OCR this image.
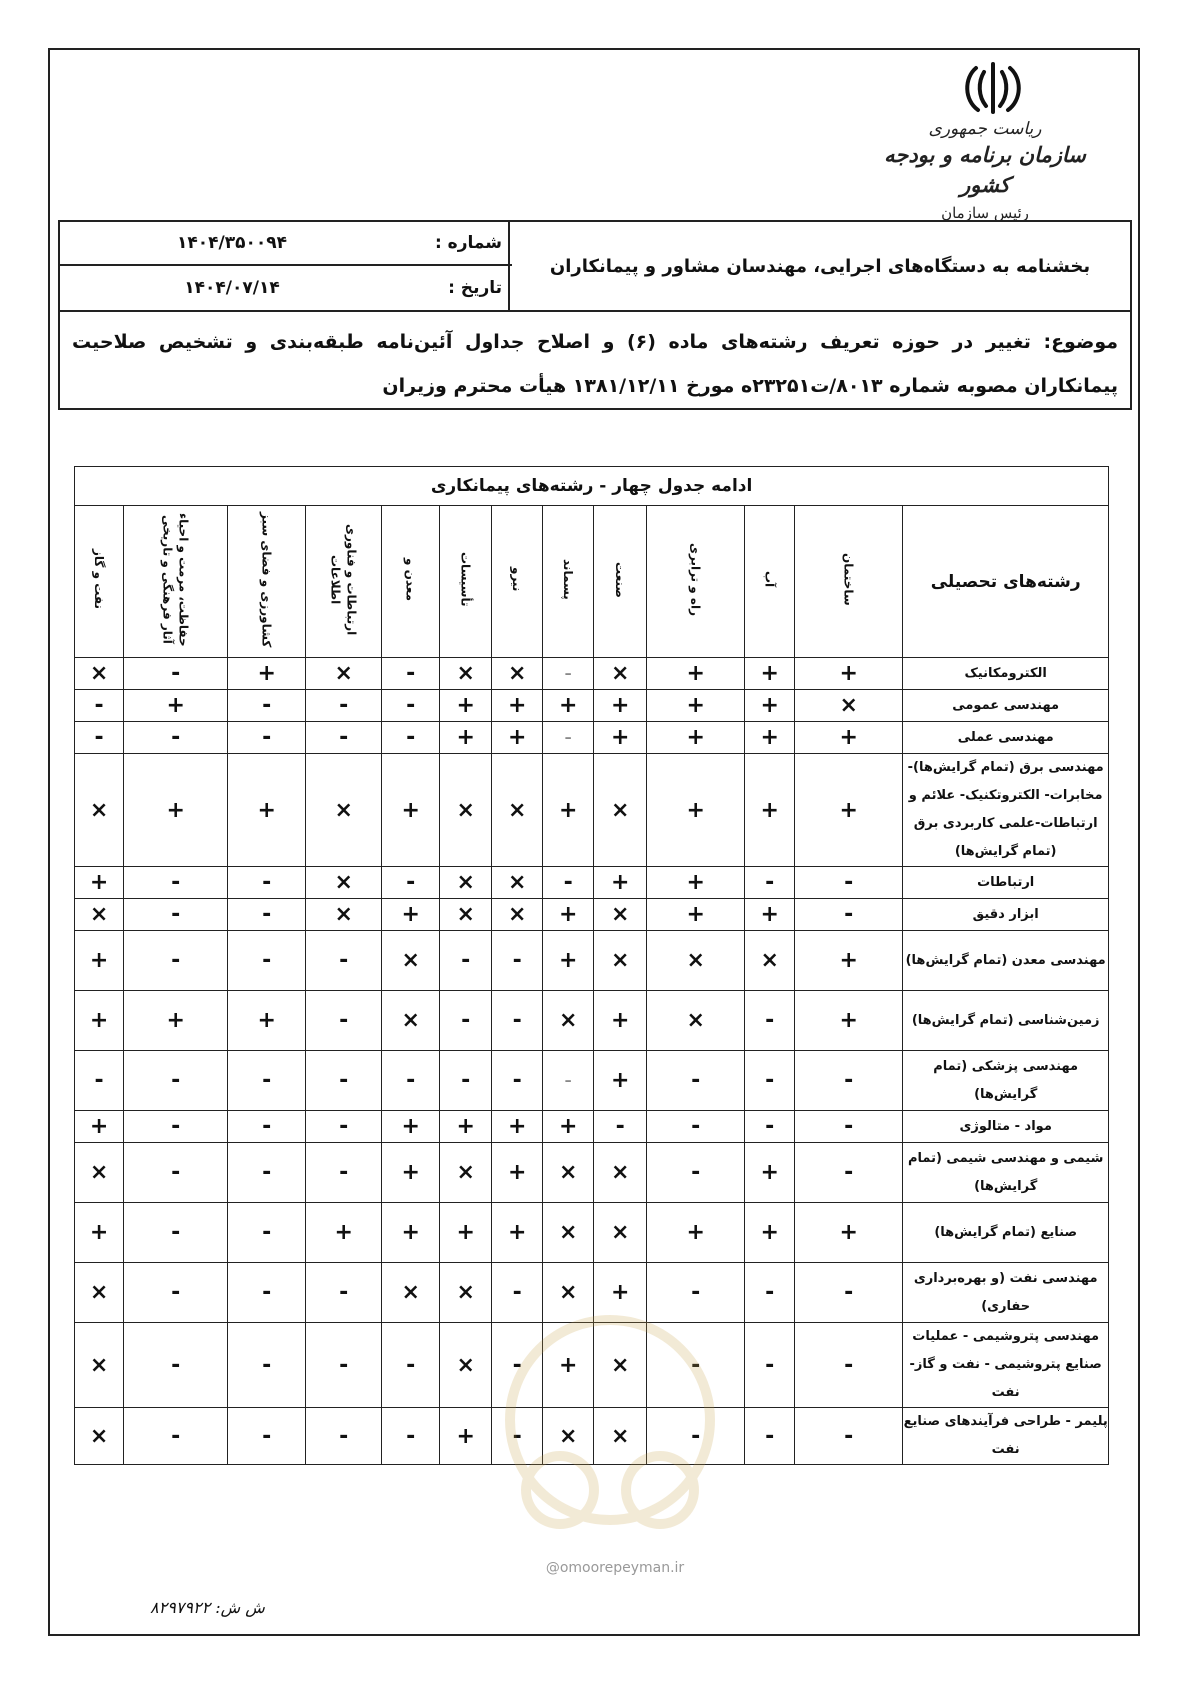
ریاست جمهوری
سازمان برنامه و بودجه کشور
رئیس سازمان
بخشنامه به دستگاه‌های اجرایی، مهندسان مشاور و پیمانکاران
شماره :
۱۴۰۴/۳۵۰۰۹۴
تاریخ :
۱۴۰۴/۰۷/۱۴
موضوع: تغییر در حوزه تعریف رشته‌های ماده (۶) و اصلاح جداول آئین‌نامه طبقه‌بندی و تشخیص صلاحیت
پیمانکاران مصوبه شماره ۸۰۱۳/ت۲۳۲۵۱ه مورخ ۱۳۸۱/۱۲/۱۱ هیأت محترم وزیران
ادامه جدول چهار - رشته‌های پیمانکاری												
رشته‌های تحصیلی	ساختمان	آب	راه و ترابری	صنعت	پسماند	نیرو	تأسیسات	معدن و	ارتباطات و فناوری اطلاعات	کشاورزی و فضای سبز	حفاظت، مرمت و احیاء آثار فرهنگی و تاریخی	نفت و گاز
الکترومکانیک	+	+	+	×	–	×	×	-	×	+	-	×
مهندسی عمومی	×	+	+	+	+	+	+	-	-	-	+	-
مهندسی عملی	+	+	+	+	–	+	+	-	-	-	-	-
مهندسی برق (تمام گرایش‌ها)- مخابرات- الکتروتکنیک- علائم و ارتباطات-علمی کاربردی برق (تمام گرایش‌ها)	+	+	+	×	+	×	×	+	×	+	+	×
ارتباطات	-	-	+	+	-	×	×	-	×	-	-	+
ابزار دقیق	-	+	+	×	+	×	×	+	×	-	-	×
مهندسی معدن (تمام گرایش‌ها)	+	×	×	×	+	-	-	×	-	-	-	+
زمین‌شناسی (تمام گرایش‌ها)	+	-	×	+	×	-	-	×	-	+	+	+
مهندسی پزشکی (تمام گرایش‌ها)	-	-	-	+	–	-	-	-	-	-	-	-
مواد - متالوژی	-	-	-	-	+	+	+	+	-	-	-	+
شیمی و مهندسی شیمی (تمام گرایش‌ها)	-	+	-	×	×	+	×	+	-	-	-	×
صنایع (تمام گرایش‌ها)	+	+	+	×	×	+	+	+	+	-	-	+
مهندسی نفت (و بهره‌برداری حفاری)	-	-	-	+	×	-	×	×	-	-	-	×
مهندسی پتروشیمی - عملیات صنایع پتروشیمی - نفت و گاز- نفت	-	-	-	×	+	-	×	-	-	-	-	×
پلیمر - طراحی فرآیندهای صنایع نفت	-	-	-	×	×	-	+	-	-	-	-	×
@omoorepeyman.ir
ش ش: ۸۲۹۷۹۲۲
